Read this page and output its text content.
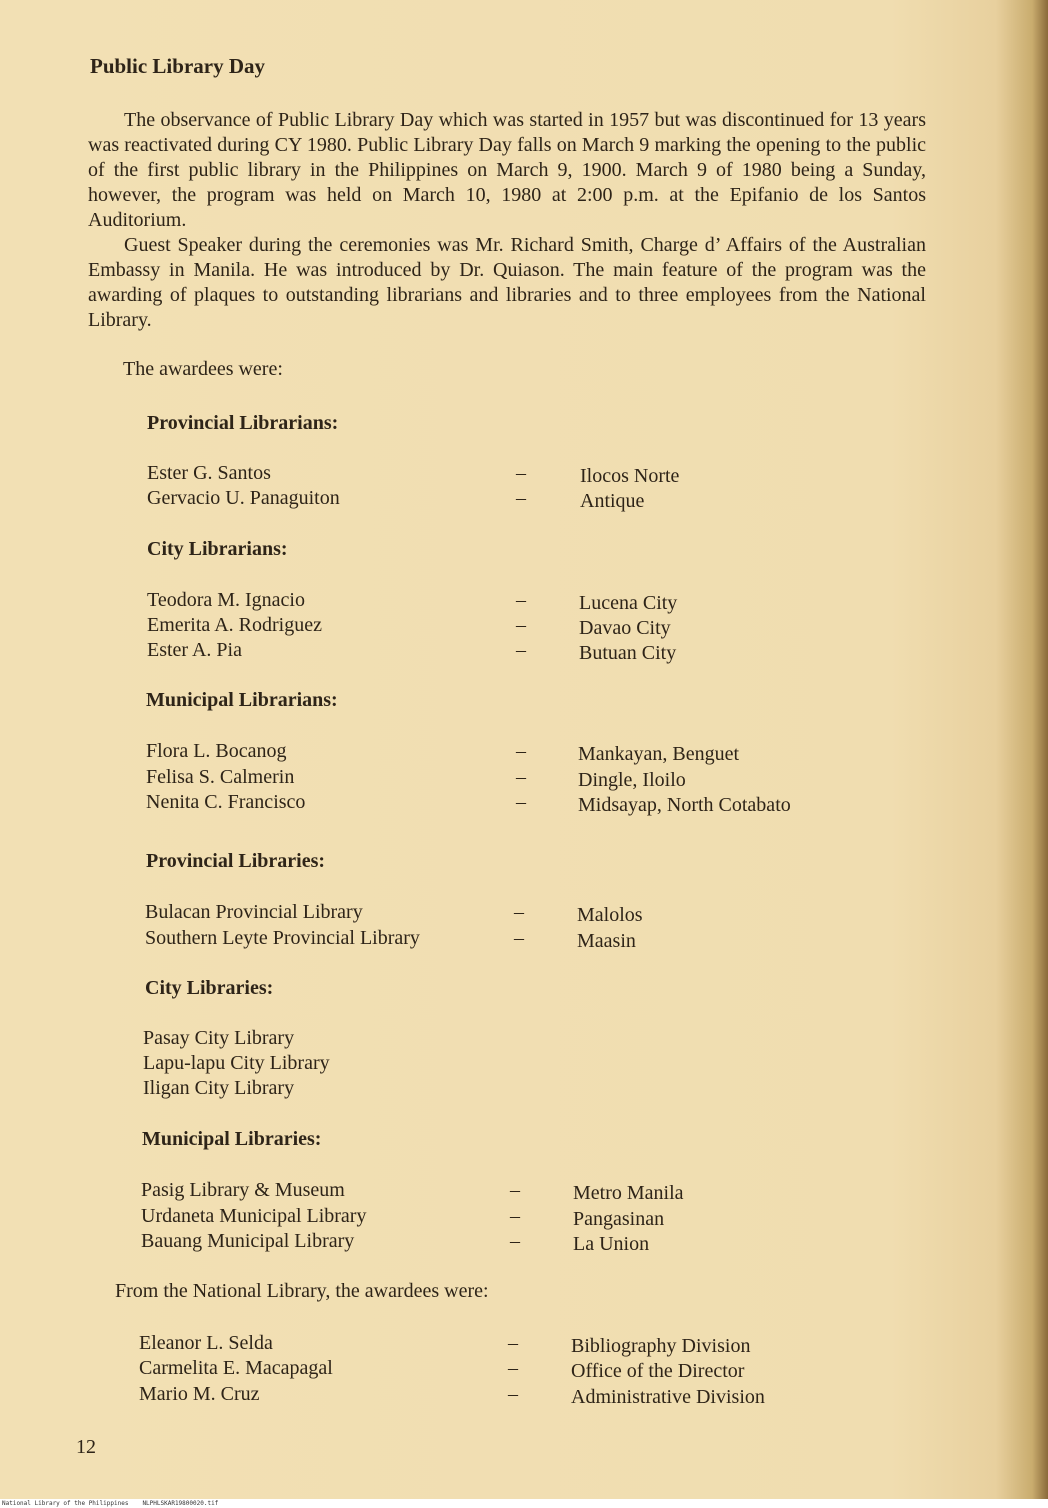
Public Library Day
The observance of Public Library Day which was started in 1957 but was discontinued for 13 years was reactivated during CY 1980. Public Library Day falls on March 9 marking the opening to the public of the first public library in the Philippines on March 9, 1900. March 9 of 1980 being a Sunday, however, the program was held on March 10, 1980 at 2:00 p.m. at the Epifanio de los Santos Auditorium.
Guest Speaker during the ceremonies was Mr. Richard Smith, Charge d’ Affairs of the Australian Embassy in Manila. He was introduced by Dr. Quiason. The main feature of the program was the awarding of plaques to outstanding librarians and libraries and to three employees from the National Library.
The awardees were:
Provincial Librarians:
Ester G. Santos	–	Ilocos Norte
Gervacio U. Panaguiton	–	Antique
City Librarians:
Teodora M. Ignacio	–	Lucena City
Emerita A. Rodriguez	–	Davao City
Ester A. Pia	–	Butuan City
Municipal Librarians:
Flora L. Bocanog	–	Mankayan, Benguet
Felisa S. Calmerin	–	Dingle, Iloilo
Nenita C. Francisco	–	Midsayap, North Cotabato
Provincial Libraries:
Bulacan Provincial Library	–	Malolos
Southern Leyte Provincial Library	–	Maasin
City Libraries:
Pasay City Library
Lapu-lapu City Library
Iligan City Library
Municipal Libraries:
Pasig Library & Museum	–	Metro Manila
Urdaneta Municipal Library	–	Pangasinan
Bauang Municipal Library	–	La Union
From the National Library, the awardees were:
Eleanor L. Selda	–	Bibliography Division
Carmelita E. Macapagal	–	Office of the Director
Mario M. Cruz	–	Administrative Division
12
National Library of the Philippines NLPHLSKAR19800020.tif
